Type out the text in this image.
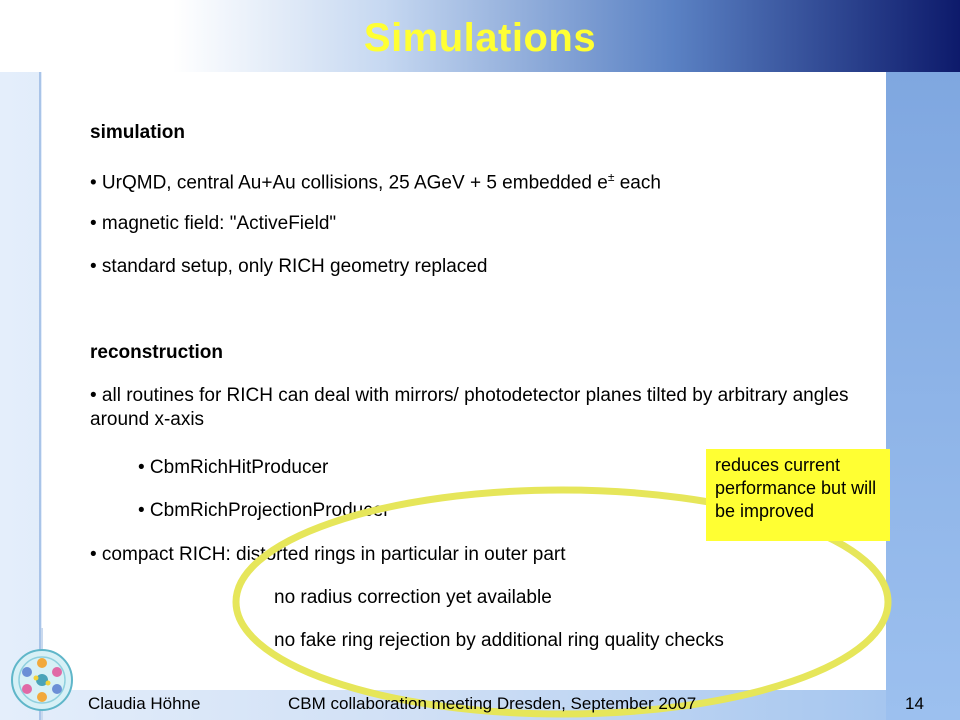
Simulations
simulation
• UrQMD, central Au+Au collisions, 25 AGeV + 5 embedded e± each
• magnetic field: "ActiveField"
• standard setup, only RICH geometry replaced
reconstruction
• all routines for RICH can deal with mirrors/ photodetector planes tilted by arbitrary angles around x-axis
• CbmRichHitProducer
• CbmRichProjectionProducer
• compact RICH: distorted rings in particular in outer part
no radius correction yet available
no fake ring rejection by additional ring quality checks
reduces current performance but will be improved
Claudia Höhne	CBM collaboration meeting Dresden, September 2007	14
